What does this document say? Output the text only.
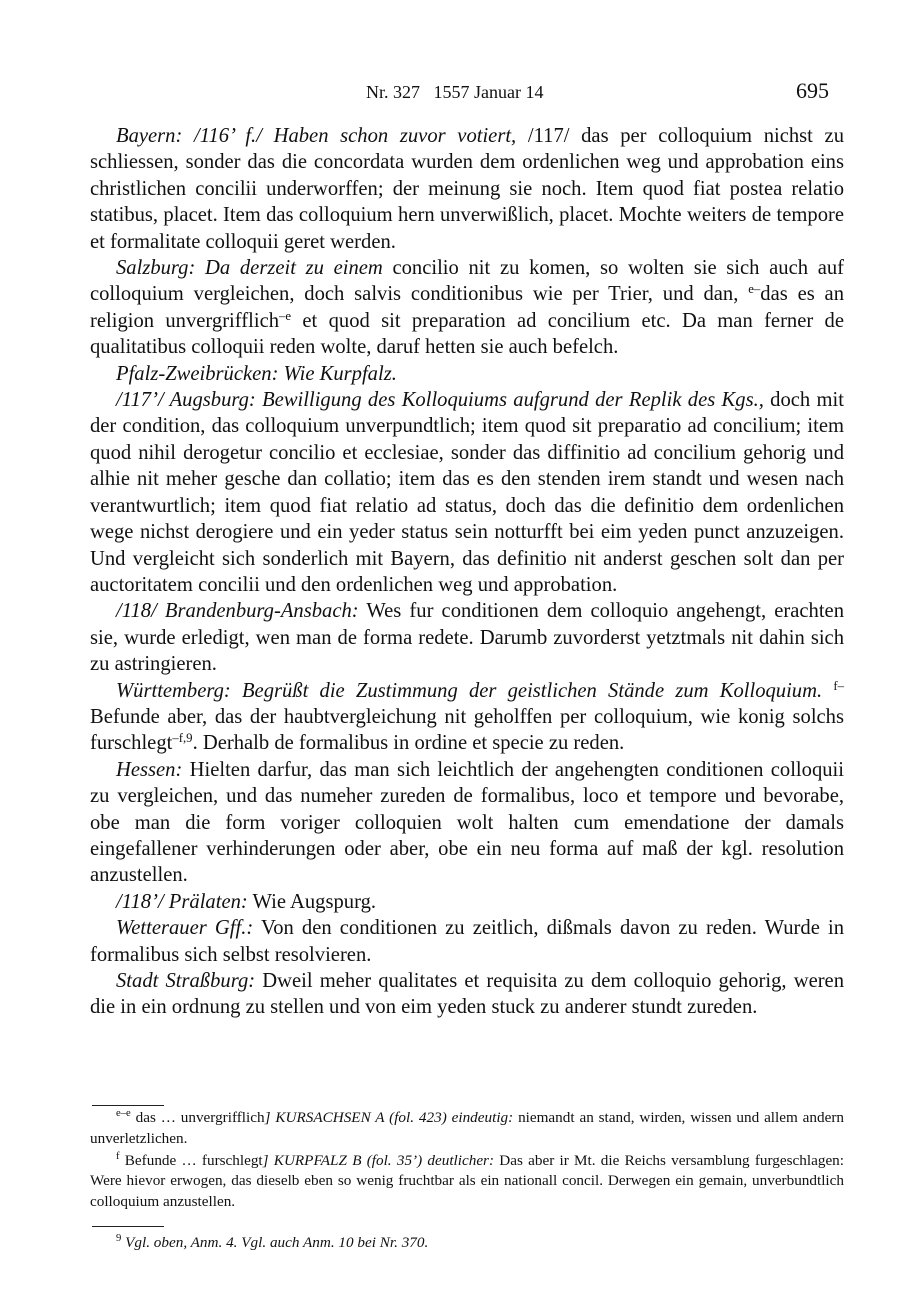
Nr. 327   1557 Januar 14	695

Bayern: /116’ f./ Haben schon zuvor votiert, /117/ das per colloquium nichst zu schliessen, sonder das die concordata wurden dem ordenlichen weg und approbation eins christlichen concilii underworffen; der meinung sie noch. Item quod fiat postea relatio statibus, placet. Item das colloquium hern unverwißlich, placet. Mochte weiters de tempore et formalitate colloquii geret werden.

Salzburg: Da derzeit zu einem concilio nit zu komen, so wolten sie sich auch auf colloquium vergleichen, doch salvis conditionibus wie per Trier, und dan, $^{e-}$das es an religion unvergrifflich$^{-e}$ et quod sit preparation ad concilium etc. Da man ferner de qualitatibus colloquii reden wolte, daruf hetten sie auch befelch.

Pfalz-Zweibrücken: Wie Kurpfalz.

/117’/ Augsburg: Bewilligung des Kolloquiums aufgrund der Replik des Kgs., doch mit der condition, das colloquium unverpundtlich; item quod sit preparatio ad concilium; item quod nihil derogetur concilio et ecclesiae, sonder das diffinitio ad concilium gehorig und alhie nit meher gesche dan collatio; item das es den stenden irem standt und wesen nach verantwurtlich; item quod fiat relatio ad status, doch das die definitio dem ordenlichen wege nichst derogiere und ein yeder status sein notturfft bei eim yeden punct anzuzeigen. Und vergleicht sich sonderlich mit Bayern, das definitio nit anderst geschen solt dan per auctoritatem concilii und den ordenlichen weg und approbation.

/118/ Brandenburg-Ansbach: Wes fur conditionen dem colloquio angehengt, erachten sie, wurde erledigt, wen man de forma redete. Darumb zuvorderst yetztmals nit dahin sich zu astringieren.

Württemberg: Begrüßt die Zustimmung der geistlichen Stände zum Kolloquium. $^{f-}$Befunde aber, das der haubtvergleichung nit geholffen per colloquium, wie konig solchs furschlegt$^{-f,9}$. Derhalb de formalibus in ordine et specie zu reden.

Hessen: Hielten darfur, das man sich leichtlich der angehengten conditionen colloquii zu vergleichen, und das numeher zureden de formalibus, loco et tempore und bevorabe, obe man die form voriger colloquien wolt halten cum emendatione der damals eingefallener verhinderungen oder aber, obe ein neu forma auf maß der kgl. resolution anzustellen.

/118’/ Prälaten: Wie Augspurg.

Wetterauer Gff.: Von den conditionen zu zeitlich, dißmals davon zu reden. Wurde in formalibus sich selbst resolvieren.

Stadt Straßburg: Dweil meher qualitates et requisita zu dem colloquio gehorig, weren die in ein ordnung zu stellen und von eim yeden stuck zu anderer stundt zureden.

$^{e-e}$ das … unvergrifflich] KURSACHSEN A (fol. 423) eindeutig: niemandt an stand, wirden, wissen und allem andern unverletzlichen.

$^f$ Befunde … furschlegt] KURPFALZ B (fol. 35’) deutlicher: Das aber ir Mt. die Reichs versamblung furgeschlagen: Were hievor erwogen, das dieselb eben so wenig fruchtbar als ein nationall concil. Derwegen ein gemain, unverbundtlich colloquium anzustellen.

$^9$ Vgl. oben, Anm. 4. Vgl. auch Anm. 10 bei Nr. 370.
